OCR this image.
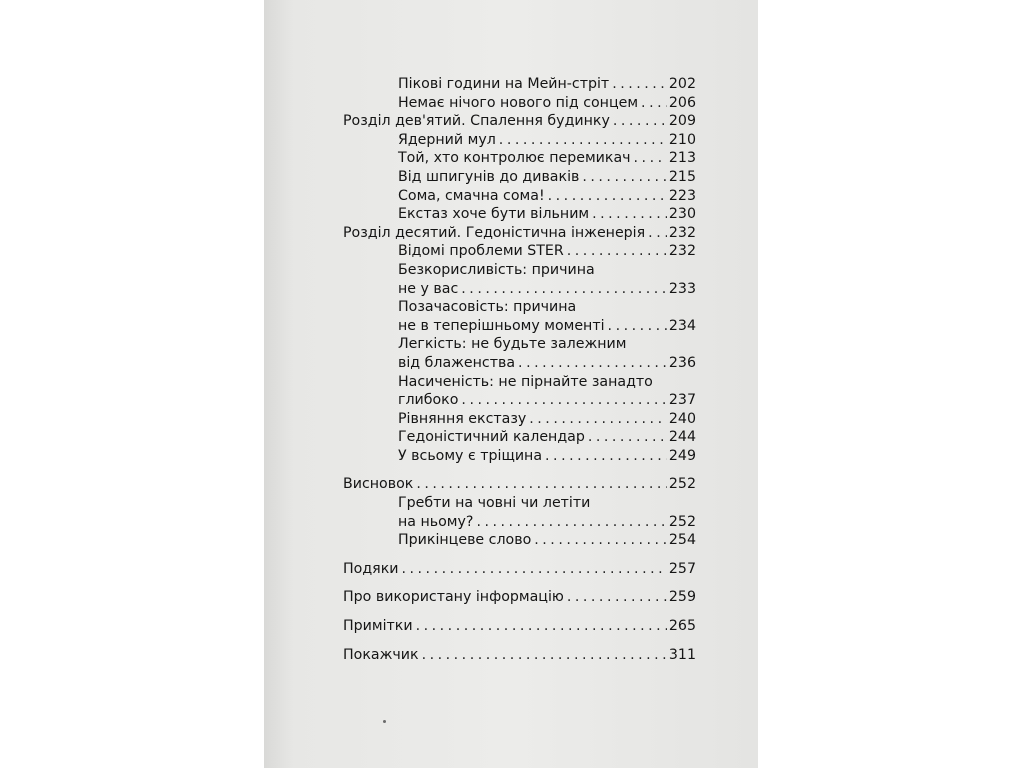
Пікові години на Мейн-стріт . . .	202
Немає нічого нового під сонцем . . . 206
Розділ дев'ятий. Спалення будинку . . .	209
Ядерний мул . . .	210
Той, хто контролює перемикач . . .	213
Від шпигунів до диваків . . .	215
Сома, смачна сома! . . .	223
Екстаз хоче бути вільним . . .	230
Розділ десятий. Гедоністична інженерія . . . 232
Відомі проблеми STER . . .	232
Безкорисливість: причина
не у вас . . .	233
Позачасовість: причина
не в теперішньому моменті . . .	234
Легкість: не будьте залежним
від блаженства . . .	236
Насиченість: не пірнайте занадто
глибоко . . .	237
Рівняння екстазу . . .	240
Гедоністичний календар . . .	244
У всьому є тріщина . . .	249
Висновок . . .	252
Гребти на човні чи летіти
на ньому? . . .	252
Прикінцеве слово . . .	254
Подяки . . .	257
Про використану інформацію . . .	259
Примітки . . .	265
Покажчик . . .	311
